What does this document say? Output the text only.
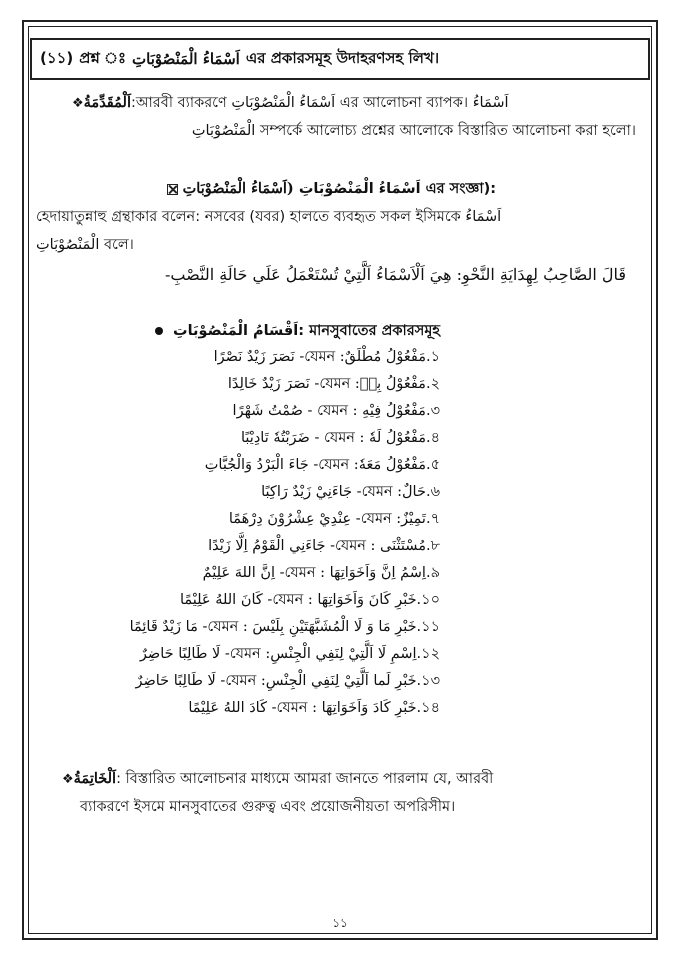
(১১) প্রশ্ন ঃ اَسْمَاءُ الْمَنْصُوْبَاتِ এর প্রকারসমূহ উদাহরণসহ লিখ।
❖اَلْمُقَدِّمَةُ:আরবী ব্যাকরণে اَسْمَاءُ الْمَنْصُوْبَاتِ এর আলোচনা ব্যাপক। اَسْمَاءُ
الْمَنْصُوْبَاتِ সম্পর্কে আলোচ্য প্রশ্নের আলোকে বিস্তারিত আলোচনা করা হলো।
(اَسْمَاءُ الْمَنْصُوْبَاتِ اَسْمَاءُ الْمَنْصُوْبَاتِ এর সংজ্ঞা):
হেদায়াতুন্নাহু গ্রন্থাকার বলেন: নসবের (যবর) হালতে ব্যবহৃত সকল ইসিমকে اَسْمَاءُ
الْمَنْصُوْبَاتِ বলে।
قَالَ الصَّاحِبُ لِهِدَايَةِ النَّحْوِ: هِيَ اَلْاَسْمَاءُ اَلَّتِيْ تُسْتَعْمَلُ عَلَي حَالَةِ النَّصْبِ-
اَقْسَامُ الْمَنْصُوْبَاتِ: মানসুবাতের প্রকারসমূহ
১.مَفْعُوْلُ مُطْلَقٌ: যেমন- نَصَرَ زَيْدٌ نَصْرًا
২.مَفْعُوْلُ بِهٖ: যেমন- نَصَرَ زَيْدٌ خَالِدًا
৩.مَفْعُوْلُ فِيْهِ : যেমন - صُمْتُ شَهْرًا
৪.مَفْعُوْلُ لَهٗ : যেমন - ضَرَبْتُهٗ تَادِيْبًا
৫.مَفْعُوْلُ مَعَهٗ: যেমন- جَاءَ الْبَرْدُ وَالْجُبَّاتِ
৬.حَالٌ: যেমন- جَاءَنِيْ زَيْدٌ رَاكِبًا
৭.تَمِيْزٌ: যেমন- عِنْدِيْ عِشْرُوْنَ دِرْهَمًا
৮.مُسْتَثْنَى : যেমন- جَاءَنِي الْقَوْمُ اِلَّا زَيْدًا
৯.اِسْمُ اِنَّ وَاَخَوَاتِهَا : যেমন- اِنَّ اللهَ عَلِيْمٌ
১০.خَبْرِ كَانَ وَاَخَوَاتِهَا : যেমন- كَانَ اللهُ عَلِيْمًا
১১.خَبْرِ مَا وَ لَا الْمُشَبَّهَتَيْنِ بِلَيْسَ : যেমন- مَا زَيْدٌ قَائِمًا
১২.اِسْمِ لَا اَلَّتِيْ لِنَفِي الْجِنْسِ: যেমন- لَا طَالِبًا حَاضِرٌ
১৩.خَبْرِ لَما اَلَّتِيْ لِنَفِي الْجِنْسِ: যেমন- لَا طَالِبًا حَاضِرٌ
১৪.خَبْرِ كَادَ وَاَخَوَاتِهَا : যেমন- كَادَ اللهُ عَلِيْمًا
❖اَلْخَاتِمَةُ: বিস্তারিত আলোচনার মাধ্যমে আমরা জানতে পারলাম যে, আরবী
ব্যাকরণে ইসমে মানসুবাতের গুরুত্ব এবং প্রয়োজনীয়তা অপরিসীম।
১১
